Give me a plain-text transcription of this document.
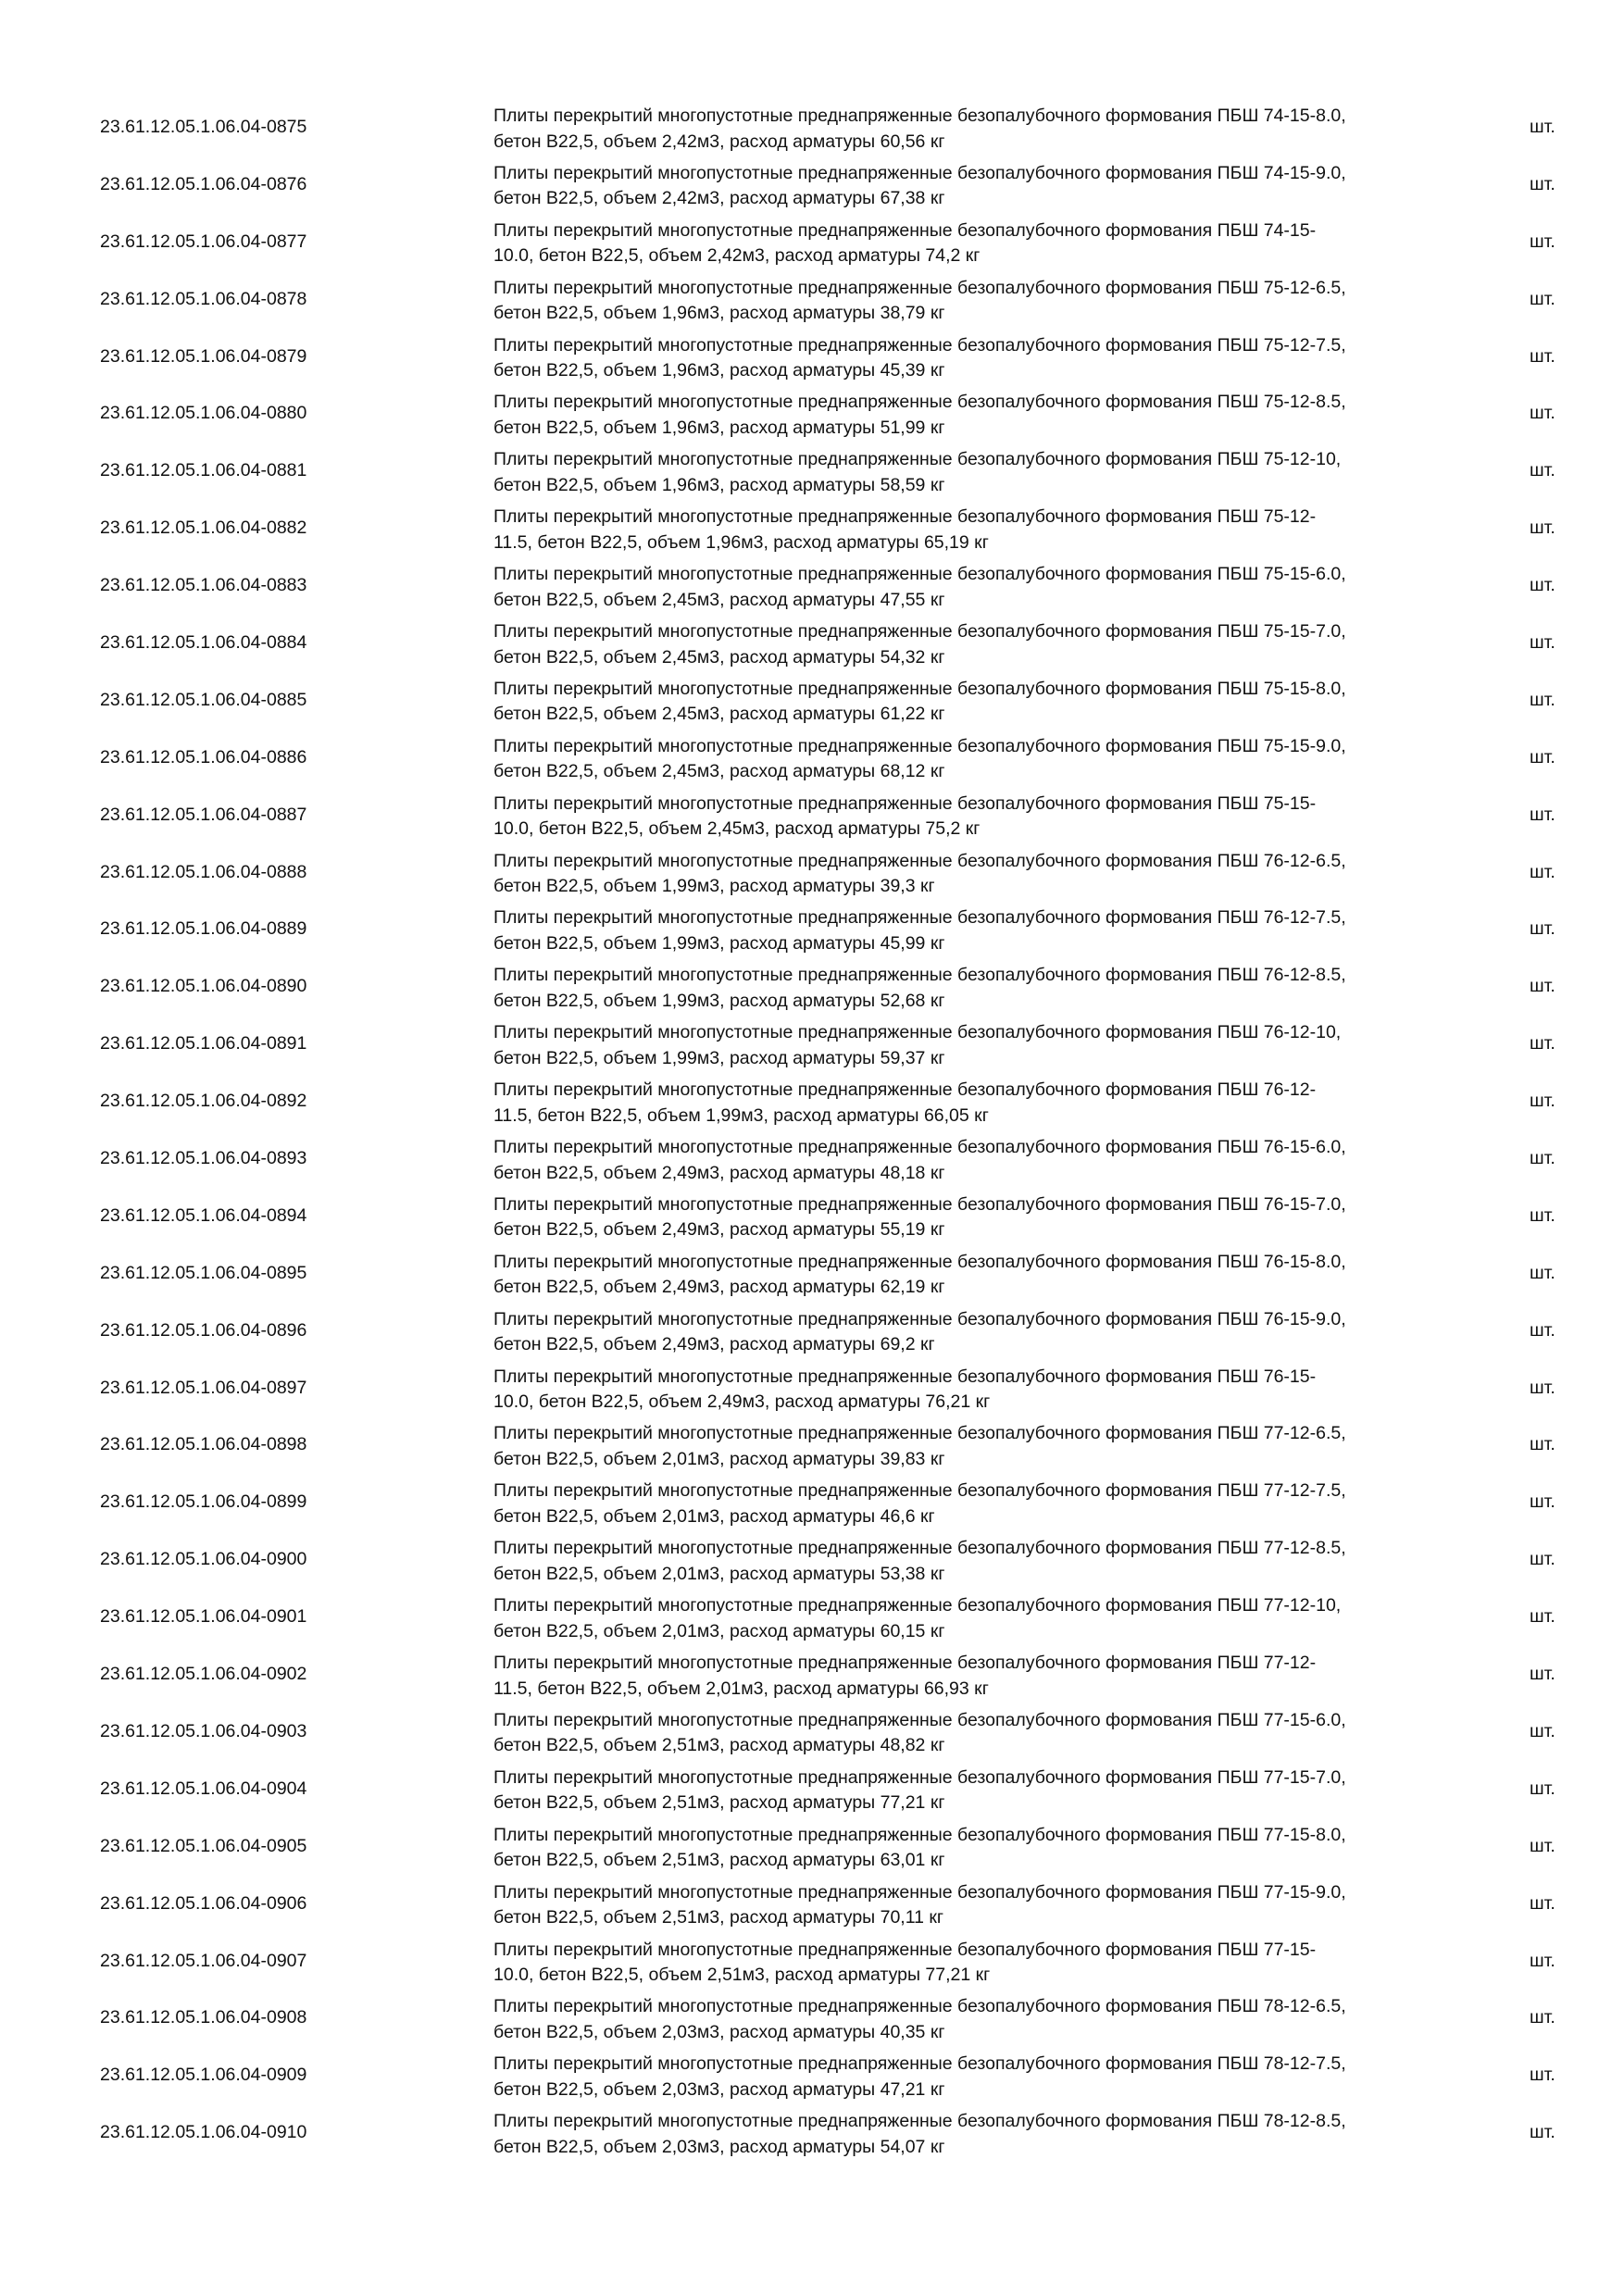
23.61.12.05.1.06.04-0875
Плиты перекрытий многопустотные преднапряженные безопалубочного формования ПБШ 74-15-8.0,
бетон В22,5, объем 2,42м3, расход арматуры 60,56 кг
шт.
23.61.12.05.1.06.04-0876
Плиты перекрытий многопустотные преднапряженные безопалубочного формования ПБШ 74-15-9.0,
бетон В22,5, объем 2,42м3, расход арматуры 67,38 кг
шт.
23.61.12.05.1.06.04-0877
Плиты перекрытий многопустотные преднапряженные безопалубочного формования ПБШ 74-15-
10.0, бетон В22,5, объем 2,42м3, расход арматуры 74,2 кг
шт.
23.61.12.05.1.06.04-0878
Плиты перекрытий многопустотные преднапряженные безопалубочного формования ПБШ 75-12-6.5,
бетон В22,5, объем 1,96м3, расход арматуры 38,79 кг
шт.
23.61.12.05.1.06.04-0879
Плиты перекрытий многопустотные преднапряженные безопалубочного формования ПБШ 75-12-7.5,
бетон В22,5, объем 1,96м3, расход арматуры 45,39 кг
шт.
23.61.12.05.1.06.04-0880
Плиты перекрытий многопустотные преднапряженные безопалубочного формования ПБШ 75-12-8.5,
бетон В22,5, объем 1,96м3, расход арматуры 51,99 кг
шт.
23.61.12.05.1.06.04-0881
Плиты перекрытий многопустотные преднапряженные безопалубочного формования ПБШ 75-12-10,
бетон В22,5, объем 1,96м3, расход арматуры 58,59 кг
шт.
23.61.12.05.1.06.04-0882
Плиты перекрытий многопустотные преднапряженные безопалубочного формования ПБШ 75-12-
11.5, бетон В22,5, объем 1,96м3, расход арматуры 65,19 кг
шт.
23.61.12.05.1.06.04-0883
Плиты перекрытий многопустотные преднапряженные безопалубочного формования ПБШ 75-15-6.0,
бетон В22,5, объем 2,45м3, расход арматуры 47,55 кг
шт.
23.61.12.05.1.06.04-0884
Плиты перекрытий многопустотные преднапряженные безопалубочного формования ПБШ 75-15-7.0,
бетон В22,5, объем 2,45м3, расход арматуры 54,32 кг
шт.
23.61.12.05.1.06.04-0885
Плиты перекрытий многопустотные преднапряженные безопалубочного формования ПБШ 75-15-8.0,
бетон В22,5, объем 2,45м3, расход арматуры 61,22 кг
шт.
23.61.12.05.1.06.04-0886
Плиты перекрытий многопустотные преднапряженные безопалубочного формования ПБШ 75-15-9.0,
бетон В22,5, объем 2,45м3, расход арматуры 68,12 кг
шт.
23.61.12.05.1.06.04-0887
Плиты перекрытий многопустотные преднапряженные безопалубочного формования ПБШ 75-15-
10.0, бетон В22,5, объем 2,45м3, расход арматуры 75,2 кг
шт.
23.61.12.05.1.06.04-0888
Плиты перекрытий многопустотные преднапряженные безопалубочного формования ПБШ 76-12-6.5,
бетон В22,5, объем 1,99м3, расход арматуры 39,3 кг
шт.
23.61.12.05.1.06.04-0889
Плиты перекрытий многопустотные преднапряженные безопалубочного формования ПБШ 76-12-7.5,
бетон В22,5, объем 1,99м3, расход арматуры 45,99 кг
шт.
23.61.12.05.1.06.04-0890
Плиты перекрытий многопустотные преднапряженные безопалубочного формования ПБШ 76-12-8.5,
бетон В22,5, объем 1,99м3, расход арматуры 52,68 кг
шт.
23.61.12.05.1.06.04-0891
Плиты перекрытий многопустотные преднапряженные безопалубочного формования ПБШ 76-12-10,
бетон В22,5, объем 1,99м3, расход арматуры 59,37 кг
шт.
23.61.12.05.1.06.04-0892
Плиты перекрытий многопустотные преднапряженные безопалубочного формования ПБШ 76-12-
11.5, бетон В22,5, объем 1,99м3, расход арматуры 66,05 кг
шт.
23.61.12.05.1.06.04-0893
Плиты перекрытий многопустотные преднапряженные безопалубочного формования ПБШ 76-15-6.0,
бетон В22,5, объем 2,49м3, расход арматуры 48,18 кг
шт.
23.61.12.05.1.06.04-0894
Плиты перекрытий многопустотные преднапряженные безопалубочного формования ПБШ 76-15-7.0,
бетон В22,5, объем 2,49м3, расход арматуры 55,19 кг
шт.
23.61.12.05.1.06.04-0895
Плиты перекрытий многопустотные преднапряженные безопалубочного формования ПБШ 76-15-8.0,
бетон В22,5, объем 2,49м3, расход арматуры 62,19 кг
шт.
23.61.12.05.1.06.04-0896
Плиты перекрытий многопустотные преднапряженные безопалубочного формования ПБШ 76-15-9.0,
бетон В22,5, объем 2,49м3, расход арматуры 69,2 кг
шт.
23.61.12.05.1.06.04-0897
Плиты перекрытий многопустотные преднапряженные безопалубочного формования ПБШ 76-15-
10.0, бетон В22,5, объем 2,49м3, расход арматуры 76,21 кг
шт.
23.61.12.05.1.06.04-0898
Плиты перекрытий многопустотные преднапряженные безопалубочного формования ПБШ 77-12-6.5,
бетон В22,5, объем 2,01м3, расход арматуры 39,83 кг
шт.
23.61.12.05.1.06.04-0899
Плиты перекрытий многопустотные преднапряженные безопалубочного формования ПБШ 77-12-7.5,
бетон В22,5, объем 2,01м3, расход арматуры 46,6 кг
шт.
23.61.12.05.1.06.04-0900
Плиты перекрытий многопустотные преднапряженные безопалубочного формования ПБШ 77-12-8.5,
бетон В22,5, объем 2,01м3, расход арматуры 53,38 кг
шт.
23.61.12.05.1.06.04-0901
Плиты перекрытий многопустотные преднапряженные безопалубочного формования ПБШ 77-12-10,
бетон В22,5, объем 2,01м3, расход арматуры 60,15 кг
шт.
23.61.12.05.1.06.04-0902
Плиты перекрытий многопустотные преднапряженные безопалубочного формования ПБШ 77-12-
11.5, бетон В22,5, объем 2,01м3, расход арматуры 66,93 кг
шт.
23.61.12.05.1.06.04-0903
Плиты перекрытий многопустотные преднапряженные безопалубочного формования ПБШ 77-15-6.0,
бетон В22,5, объем 2,51м3, расход арматуры 48,82 кг
шт.
23.61.12.05.1.06.04-0904
Плиты перекрытий многопустотные преднапряженные безопалубочного формования ПБШ 77-15-7.0,
бетон В22,5, объем 2,51м3, расход арматуры 77,21 кг
шт.
23.61.12.05.1.06.04-0905
Плиты перекрытий многопустотные преднапряженные безопалубочного формования ПБШ 77-15-8.0,
бетон В22,5, объем 2,51м3, расход арматуры 63,01 кг
шт.
23.61.12.05.1.06.04-0906
Плиты перекрытий многопустотные преднапряженные безопалубочного формования ПБШ 77-15-9.0,
бетон В22,5, объем 2,51м3, расход арматуры 70,11 кг
шт.
23.61.12.05.1.06.04-0907
Плиты перекрытий многопустотные преднапряженные безопалубочного формования ПБШ 77-15-
10.0, бетон В22,5, объем 2,51м3, расход арматуры 77,21 кг
шт.
23.61.12.05.1.06.04-0908
Плиты перекрытий многопустотные преднапряженные безопалубочного формования ПБШ 78-12-6.5,
бетон В22,5, объем 2,03м3, расход арматуры 40,35 кг
шт.
23.61.12.05.1.06.04-0909
Плиты перекрытий многопустотные преднапряженные безопалубочного формования ПБШ 78-12-7.5,
бетон В22,5, объем 2,03м3, расход арматуры 47,21 кг
шт.
23.61.12.05.1.06.04-0910
Плиты перекрытий многопустотные преднапряженные безопалубочного формования ПБШ 78-12-8.5,
бетон В22,5, объем 2,03м3, расход арматуры 54,07 кг
шт.
